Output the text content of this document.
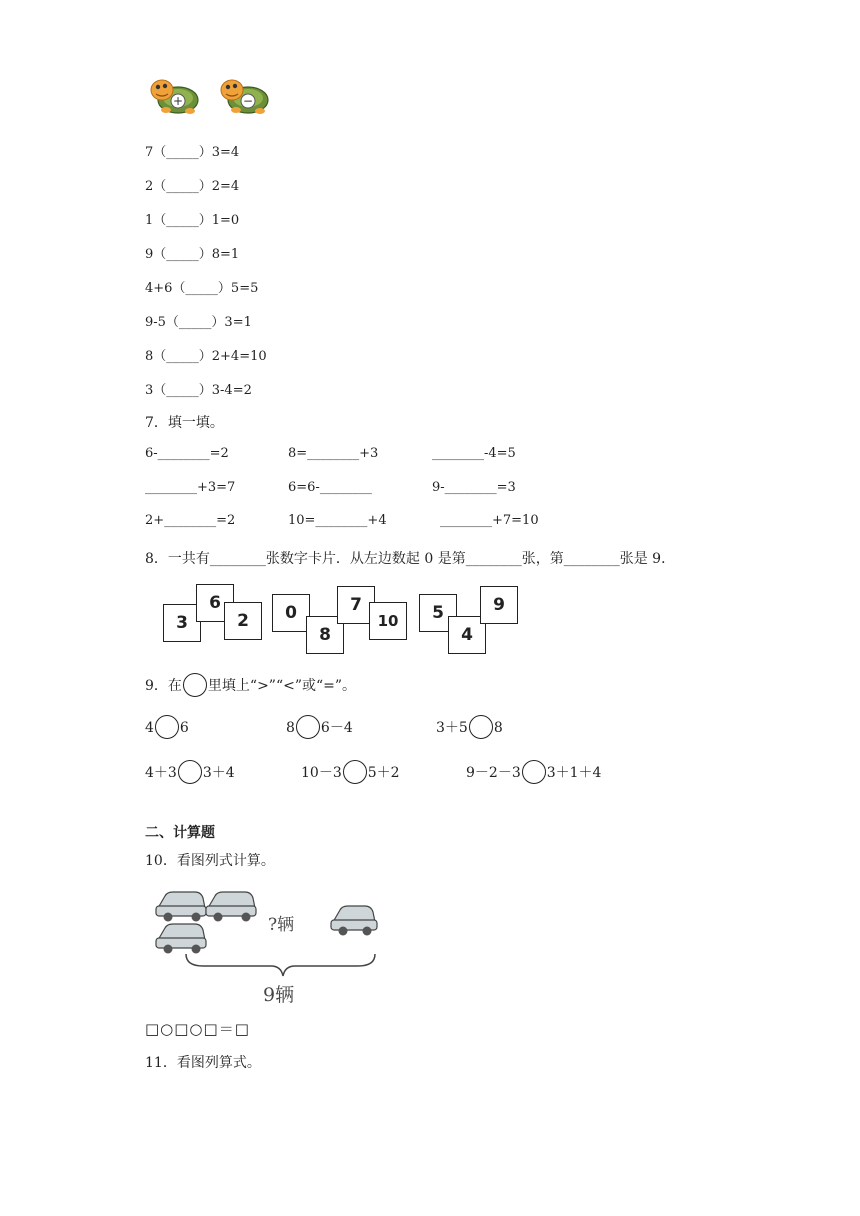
+	−
7（_____）3=4
2（_____）2=4
1（_____）1=0
9（_____）8=1
4+6（_____）5=5
9-5（_____）3=1
8（_____）2+4=10
3（_____）3-4=2
7．填一填。
6-________=2	8=________+3	________-4=5
________+3=7	6=6-________	9-________=3
2+________=2	10=________+4	________+7=10
8．一共有________张数字卡片．从左边数起 0 是第________张，第________张是 9．
3
6
2	0
8
7
10	5
4
9
9．在 里填上“>”“<”或“=”。
4 6	8 6－4	3＋5 8
4＋3 3＋4	10－3 5＋2	9－2－3 3＋1＋4
二、计算题
10．看图列式计算。
?辆
9辆
□○□○□＝□
11．看图列算式。
